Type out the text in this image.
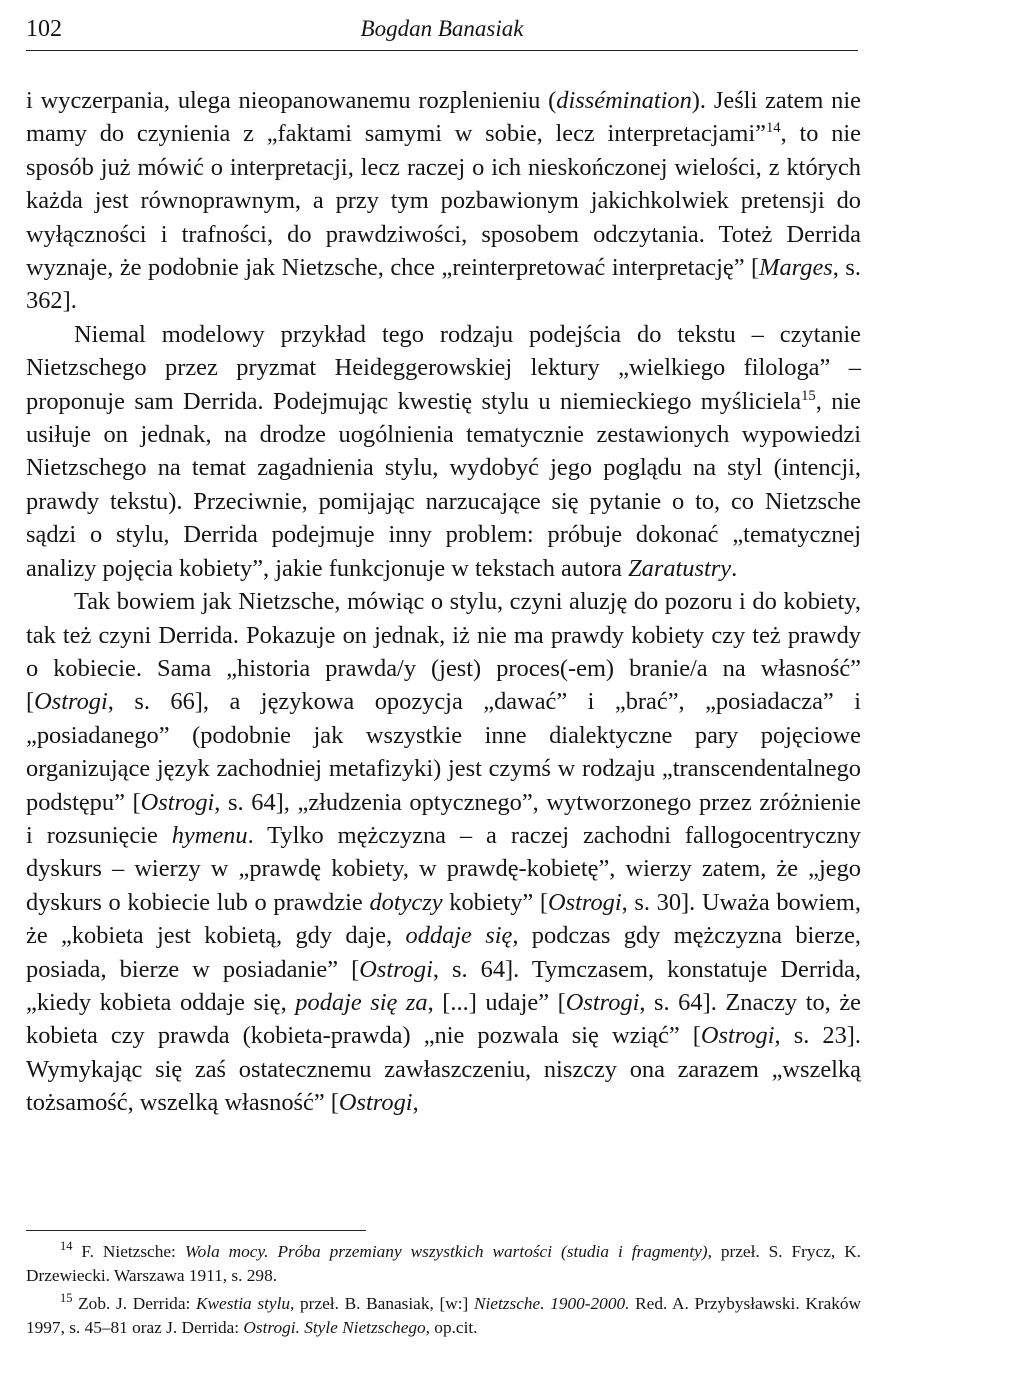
102	Bogdan Banasiak

i wyczerpania, ulega nieopanowanemu rozplenieniu (dissémination). Jeśli zatem nie mamy do czynienia z „faktami samymi w sobie, lecz interpretacjami”$^{14}$, to nie sposób już mówić o interpretacji, lecz raczej o ich nieskończonej wielości, z których każda jest równoprawnym, a przy tym pozbawionym jakichkolwiek pretensji do wyłączności i trafności, do prawdziwości, sposobem odczytania. Toteż Derrida wyznaje, że podobnie jak Nietzsche, chce „reinterpretować interpretację” [Marges, s. 362].

Niemal modelowy przykład tego rodzaju podejścia do tekstu – czytanie Nietzschego przez pryzmat Heideggerowskiej lektury „wielkiego filologa” – proponuje sam Derrida. Podejmując kwestię stylu u niemieckiego myśliciela$^{15}$, nie usiłuje on jednak, na drodze uogólnienia tematycznie zestawionych wypowiedzi Nietzschego na temat zagadnienia stylu, wydobyć jego poglądu na styl (intencji, prawdy tekstu). Przeciwnie, pomijając narzucające się pytanie o to, co Nietzsche sądzi o stylu, Derrida podejmuje inny problem: próbuje dokonać „tematycznej analizy pojęcia kobiety”, jakie funkcjonuje w tekstach autora Zaratustry.

Tak bowiem jak Nietzsche, mówiąc o stylu, czyni aluzję do pozoru i do kobiety, tak też czyni Derrida. Pokazuje on jednak, iż nie ma prawdy kobiety czy też prawdy o kobiecie. Sama „historia prawda/y (jest) proces(-em) branie/a na własność” [Ostrogi, s. 66], a językowa opozycja „dawać” i „brać”, „posiadacza” i „posiadanego” (podobnie jak wszystkie inne dialektyczne pary pojęciowe organizujące język zachodniej metafizyki) jest czymś w rodzaju „transcendentalnego podstępu” [Ostrogi, s. 64], „złudzenia optycznego”, wytworzonego przez zróżnienie i rozsunięcie hymenu. Tylko mężczyzna – a raczej zachodni fallogocentryczny dyskurs – wierzy w „prawdę kobiety, w prawdę-kobietę”, wierzy zatem, że „jego dyskurs o kobiecie lub o prawdzie dotyczy kobiety” [Ostrogi, s. 30]. Uważa bowiem, że „kobieta jest kobietą, gdy daje, oddaje się, podczas gdy mężczyzna bierze, posiada, bierze w posiadanie” [Ostrogi, s. 64]. Tymczasem, konstatuje Derrida, „kiedy kobieta oddaje się, podaje się za, [...] udaje” [Ostrogi, s. 64]. Znaczy to, że kobieta czy prawda (kobieta-prawda) „nie pozwala się wziąć” [Ostrogi, s. 23]. Wymykając się zaś ostatecznemu zawłaszczeniu, niszczy ona zarazem „wszelką tożsamość, wszelką własność” [Ostrogi,

$^{14}$ F. Nietzsche: Wola mocy. Próba przemiany wszystkich wartości (studia i fragmenty), przeł. S. Frycz, K. Drzewiecki. Warszawa 1911, s. 298.

$^{15}$ Zob. J. Derrida: Kwestia stylu, przeł. B. Banasiak, [w:] Nietzsche. 1900-2000. Red. A. Przybysławski. Kraków 1997, s. 45–81 oraz J. Derrida: Ostrogi. Style Nietzschego, op.cit.
